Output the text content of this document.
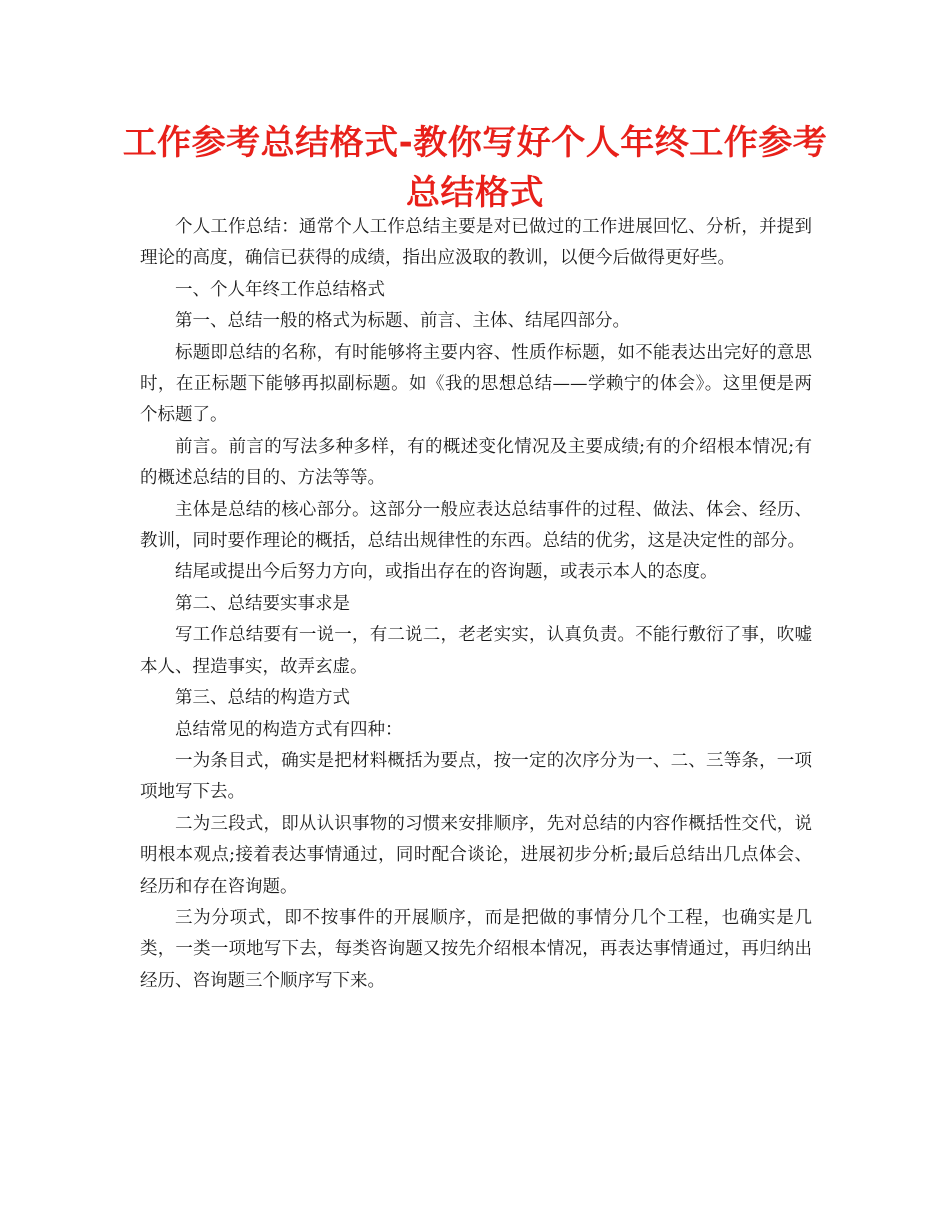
工作参考总结格式-教你写好个人年终工作参考总结格式

个人工作总结：通常个人工作总结主要是对已做过的工作进展回忆、分析，并提到理论的高度，确信已获得的成绩，指出应汲取的教训，以便今后做得更好些。

一、个人年终工作总结格式

第一、总结一般的格式为标题、前言、主体、结尾四部分。

标题即总结的名称，有时能够将主要内容、性质作标题，如不能表达出完好的意思时，在正标题下能够再拟副标题。如《我的思想总结——学赖宁的体会》。这里便是两个标题了。

前言。前言的写法多种多样，有的概述变化情况及主要成绩;有的介绍根本情况;有的概述总结的目的、方法等等。

主体是总结的核心部分。这部分一般应表达总结事件的过程、做法、体会、经历、教训，同时要作理论的概括，总结出规律性的东西。总结的优劣，这是决定性的部分。

结尾或提出今后努力方向，或指出存在的咨询题，或表示本人的态度。

第二、总结要实事求是

写工作总结要有一说一，有二说二，老老实实，认真负责。不能行敷衍了事，吹嘘本人、捏造事实，故弄玄虚。

第三、总结的构造方式

总结常见的构造方式有四种：

一为条目式，确实是把材料概括为要点，按一定的次序分为一、二、三等条，一项项地写下去。

二为三段式，即从认识事物的习惯来安排顺序，先对总结的内容作概括性交代，说明根本观点;接着表达事情通过，同时配合谈论，进展初步分析;最后总结出几点体会、经历和存在咨询题。

三为分项式，即不按事件的开展顺序，而是把做的事情分几个工程，也确实是几类，一类一项地写下去，每类咨询题又按先介绍根本情况，再表达事情通过，再归纳出经历、咨询题三个顺序写下来。
